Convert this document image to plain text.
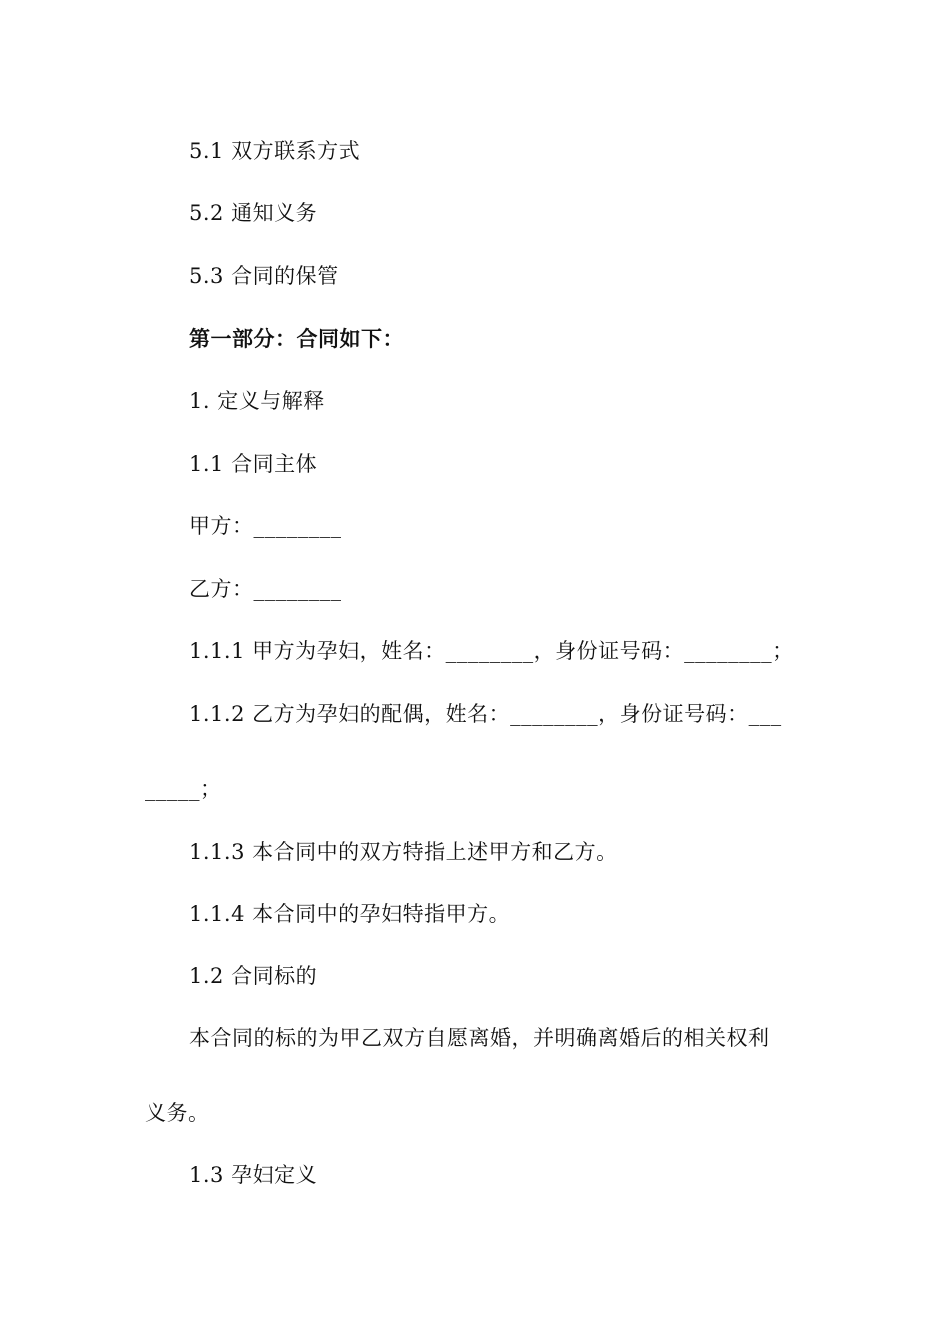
5.1 双方联系方式
5.2 通知义务
5.3 合同的保管
第一部分：合同如下：
1. 定义与解释
1.1 合同主体
甲方：________
乙方：________
1.1.1 甲方为孕妇，姓名：________，身份证号码：________；
1.1.2 乙方为孕妇的配偶，姓名：________，身份证号码：___
_____；
1.1.3 本合同中的双方特指上述甲方和乙方。
1.1.4 本合同中的孕妇特指甲方。
1.2 合同标的
本合同的标的为甲乙双方自愿离婚，并明确离婚后的相关权利
义务。
1.3 孕妇定义
